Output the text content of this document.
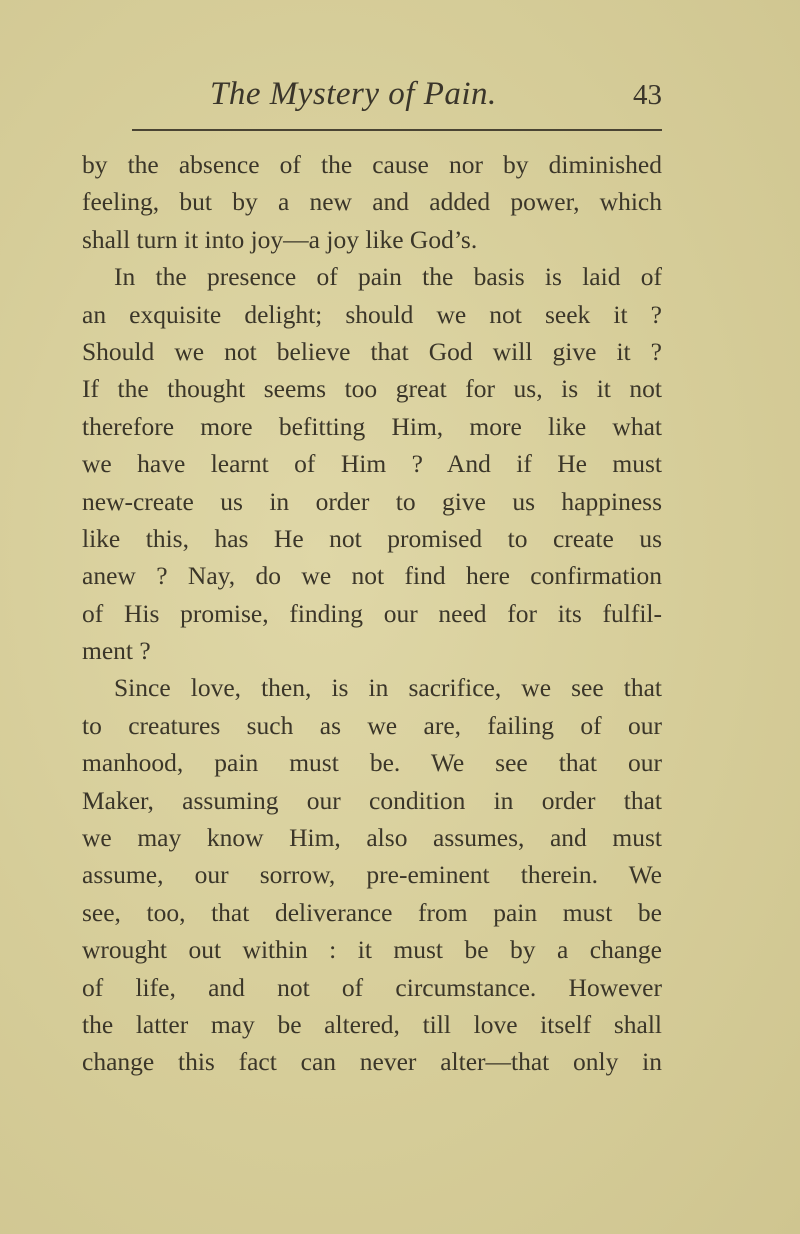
The Mystery of Pain.	43
by the absence of the cause nor by diminished
feeling, but by a new and added power, which
shall turn it into joy—a joy like God’s.
In the presence of pain the basis is laid of
an exquisite delight; should we not seek it ?
Should we not believe that God will give it ?
If the thought seems too great for us, is it not
therefore more befitting Him, more like what
we have learnt of Him ? And if He must
new-create us in order to give us happiness
like this, has He not promised to create us
anew ? Nay, do we not find here confirmation
of His promise, finding our need for its fulfil-
ment ?
Since love, then, is in sacrifice, we see that
to creatures such as we are, failing of our
manhood, pain must be. We see that our
Maker, assuming our condition in order that
we may know Him, also assumes, and must
assume, our sorrow, pre-eminent therein. We
see, too, that deliverance from pain must be
wrought out within : it must be by a change
of life, and not of circumstance. However
the latter may be altered, till love itself shall
change this fact can never alter—that only in
